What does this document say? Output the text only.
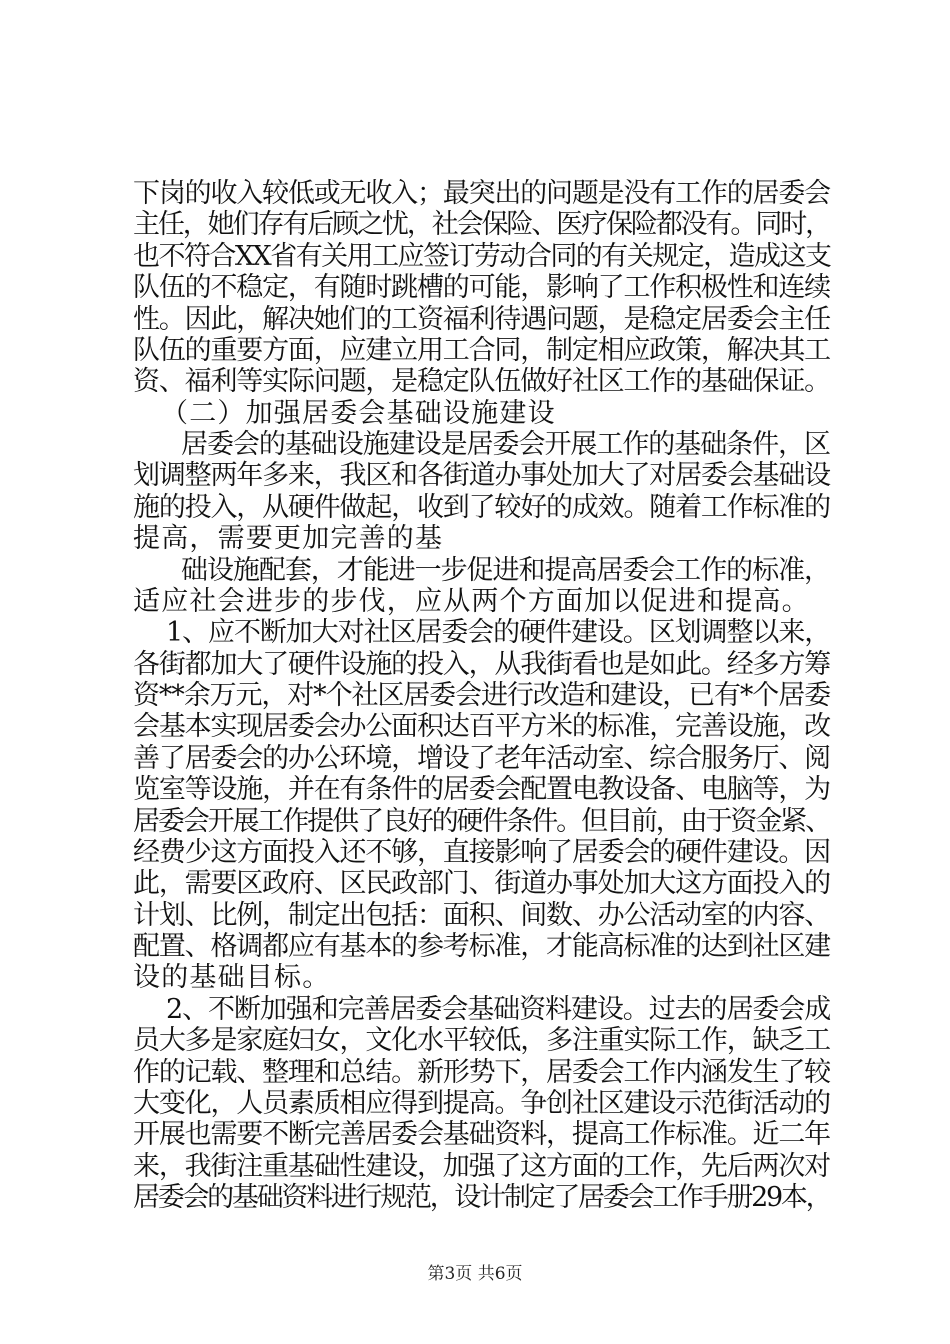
下岗的收入较低或无收入；最突出的问题是没有工作的居委会
主任，她们存有后顾之忧，社会保险、医疗保险都没有。同时，
也不符合XX省有关用工应签订劳动合同的有关规定，造成这支
队伍的不稳定，有随时跳槽的可能，影响了工作积极性和连续
性。因此，解决她们的工资福利待遇问题，是稳定居委会主任
队伍的重要方面，应建立用工合同，制定相应政策，解决其工
资、福利等实际问题，是稳定队伍做好社区工作的基础保证。
（二）加强居委会基础设施建设
居委会的基础设施建设是居委会开展工作的基础条件，区
划调整两年多来，我区和各街道办事处加大了对居委会基础设
施的投入，从硬件做起，收到了较好的成效。随着工作标准的
提高，需要更加完善的基
础设施配套，才能进一步促进和提高居委会工作的标准，
适应社会进步的步伐，应从两个方面加以促进和提高。
1、应不断加大对社区居委会的硬件建设。区划调整以来，
各街都加大了硬件设施的投入，从我街看也是如此。经多方筹
资**余万元，对*个社区居委会进行改造和建设，已有*个居委
会基本实现居委会办公面积达百平方米的标准，完善设施，改
善了居委会的办公环境，增设了老年活动室、综合服务厅、阅
览室等设施，并在有条件的居委会配置电教设备、电脑等，为
居委会开展工作提供了良好的硬件条件。但目前，由于资金紧、
经费少这方面投入还不够，直接影响了居委会的硬件建设。因
此，需要区政府、区民政部门、街道办事处加大这方面投入的
计划、比例，制定出包括：面积、间数、办公活动室的内容、
配置、格调都应有基本的参考标准，才能高标准的达到社区建
设的基础目标。
2、不断加强和完善居委会基础资料建设。过去的居委会成
员大多是家庭妇女，文化水平较低，多注重实际工作，缺乏工
作的记载、整理和总结。新形势下，居委会工作内涵发生了较
大变化，人员素质相应得到提高。争创社区建设示范街活动的
开展也需要不断完善居委会基础资料，提高工作标准。近二年
来，我街注重基础性建设，加强了这方面的工作，先后两次对
居委会的基础资料进行规范，设计制定了居委会工作手册29本，
第3页 共6页
